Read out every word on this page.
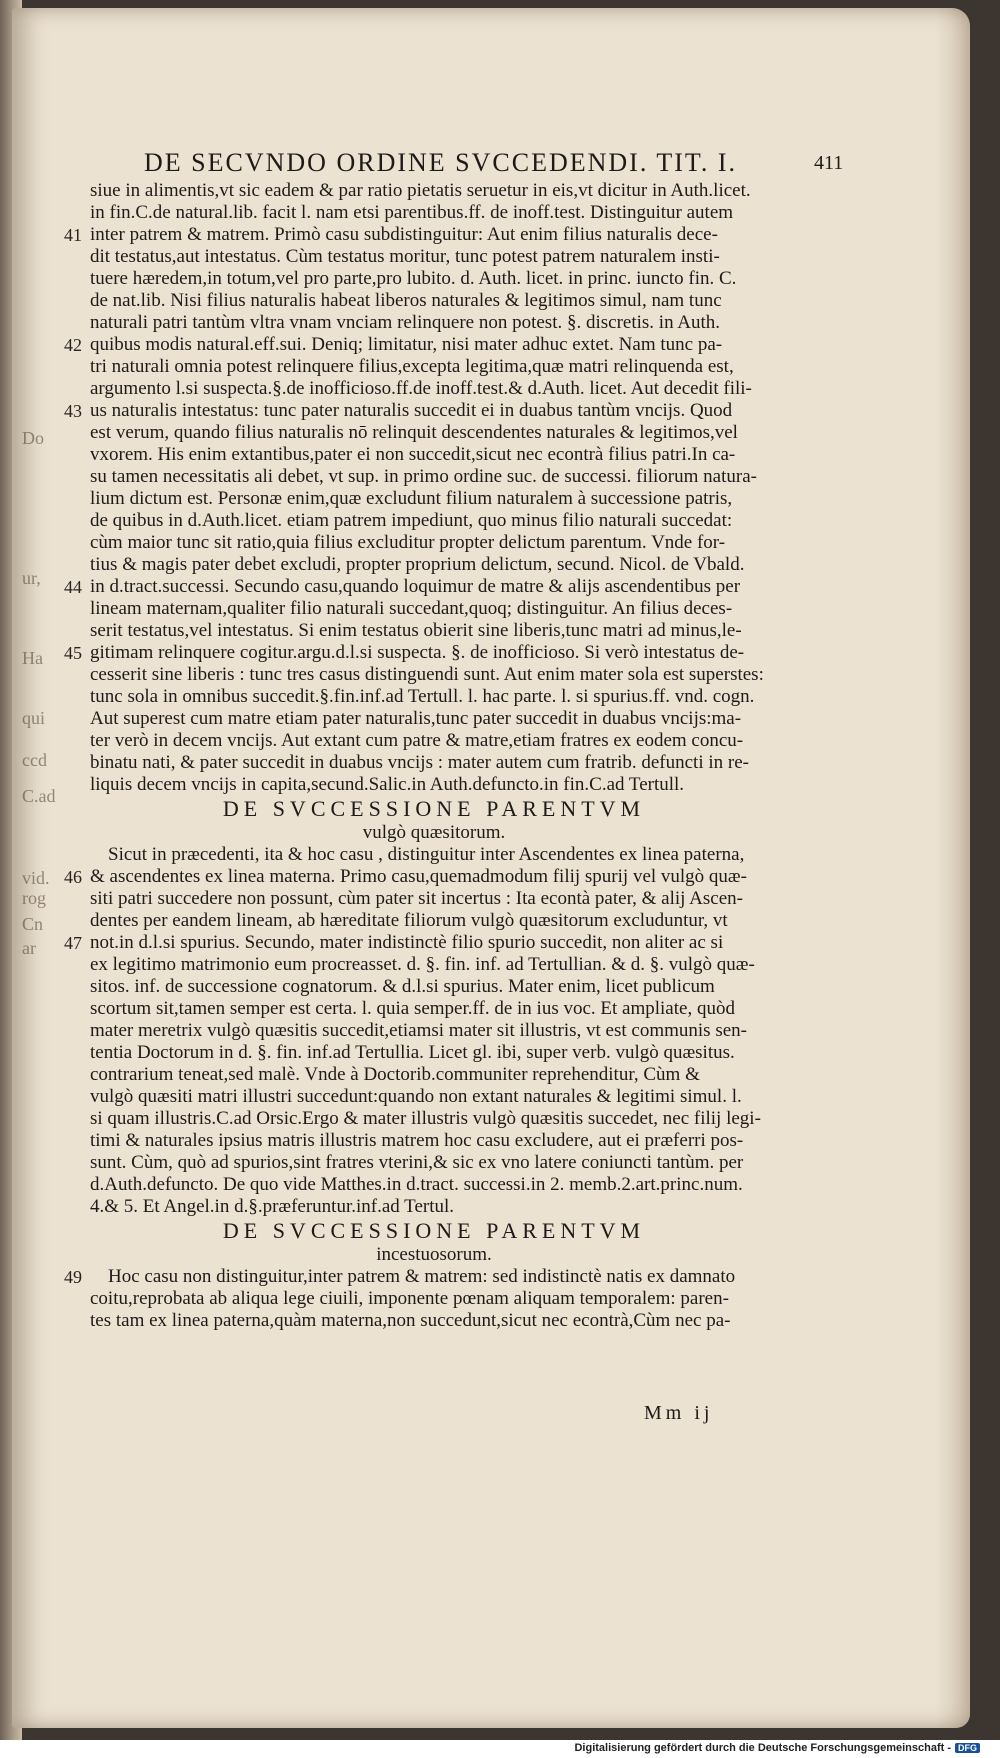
Do
ur,
Ha
qui
ccd
C.ad
vid.
rog
Cn
ar
DE SECVNDO ORDINE SVCCEDENDI. TIT. I.	411
siue in alimentis,vt sic eadem & par ratio pietatis seruetur in eis,vt dicitur in Auth.licet.
in fin.C.de natural.lib. facit l. nam etsi parentibus.ff. de inoff.test. Distinguitur autem
41 inter patrem & matrem. Primò casu subdistinguitur: Aut enim filius naturalis dece-
dit testatus,aut intestatus. Cùm testatus moritur, tunc potest patrem naturalem insti-
tuere hæredem,in totum,vel pro parte,pro lubito. d. Auth. licet. in princ. iuncto fin. C.
de nat.lib. Nisi filius naturalis habeat liberos naturales & legitimos simul, nam tunc
naturali patri tantùm vltra vnam vnciam relinquere non potest. §. discretis. in Auth.
42 quibus modis natural.eff.sui. Deniq; limitatur, nisi mater adhuc extet. Nam tunc pa-
tri naturali omnia potest relinquere filius,excepta legitima,quæ matri relinquenda est,
argumento l.si suspecta.§.de inofficioso.ff.de inoff.test.& d.Auth. licet. Aut decedit fili-
43 us naturalis intestatus: tunc pater naturalis succedit ei in duabus tantùm vncijs. Quod
est verum, quando filius naturalis nō relinquit descendentes naturales & legitimos,vel
vxorem. His enim extantibus,pater ei non succedit,sicut nec econtrà filius patri.In ca-
su tamen necessitatis ali debet, vt sup. in primo ordine suc. de successi. filiorum natura-
lium dictum est. Personæ enim,quæ excludunt filium naturalem à successione patris,
de quibus in d.Auth.licet. etiam patrem impediunt, quo minus filio naturali succedat:
cùm maior tunc sit ratio,quia filius excluditur propter delictum parentum. Vnde for-
tius & magis pater debet excludi, propter proprium delictum, secund. Nicol. de Vbald.
44 in d.tract.successi. Secundo casu,quando loquimur de matre & alijs ascendentibus per
lineam maternam,qualiter filio naturali succedant,quoq; distinguitur. An filius deces-
serit testatus,vel intestatus. Si enim testatus obierit sine liberis,tunc matri ad minus,le-
45 gitimam relinquere cogitur.argu.d.l.si suspecta. §. de inofficioso. Si verò intestatus de-
cesserit sine liberis : tunc tres casus distinguendi sunt. Aut enim mater sola est superstes:
tunc sola in omnibus succedit.§.fin.inf.ad Tertull. l. hac parte. l. si spurius.ff. vnd. cogn.
Aut superest cum matre etiam pater naturalis,tunc pater succedit in duabus vncijs:ma-
ter verò in decem vncijs. Aut extant cum patre & matre,etiam fratres ex eodem concu-
binatu nati, & pater succedit in duabus vncijs : mater autem cum fratrib. defuncti in re-
liquis decem vncijs in capita,secund.Salic.in Auth.defuncto.in fin.C.ad Tertull.
DE SVCCESSIONE PARENTVM
vulgò quæsitorum.
Sicut in præcedenti, ita & hoc casu , distinguitur inter Ascendentes ex linea paterna,
46 & ascendentes ex linea materna. Primo casu,quemadmodum filij spurij vel vulgò quæ-
siti patri succedere non possunt, cùm pater sit incertus : Ita econtà pater, & alij Ascen-
dentes per eandem lineam, ab hæreditate filiorum vulgò quæsitorum excluduntur, vt
47 not.in d.l.si spurius. Secundo, mater indistinctè filio spurio succedit, non aliter ac si
ex legitimo matrimonio eum procreasset. d. §. fin. inf. ad Tertullian. & d. §. vulgò quæ-
sitos. inf. de successione cognatorum. & d.l.si spurius. Mater enim, licet publicum
scortum sit,tamen semper est certa. l. quia semper.ff. de in ius voc. Et ampliate, quòd
mater meretrix vulgò quæsitis succedit,etiamsi mater sit illustris, vt est communis sen-
tentia Doctorum in d. §. fin. inf.ad Tertullia. Licet gl. ibi, super verb. vulgò quæsitus.
contrarium teneat,sed malè. Vnde à Doctorib.communiter reprehenditur, Cùm &
vulgò quæsiti matri illustri succedunt:quando non extant naturales & legitimi simul. l.
si quam illustris.C.ad Orsic.Ergo & mater illustris vulgò quæsitis succedet, nec filij legi-
timi & naturales ipsius matris illustris matrem hoc casu excludere, aut ei præferri pos-
sunt. Cùm, quò ad spurios,sint fratres vterini,& sic ex vno latere coniuncti tantùm. per
d.Auth.defuncto. De quo vide Matthes.in d.tract. successi.in 2. memb.2.art.princ.num.
4.& 5. Et Angel.in d.§.præferuntur.inf.ad Tertul.
DE SVCCESSIONE PARENTVM
incestuosorum.
49 Hoc casu non distinguitur,inter patrem & matrem: sed indistinctè natis ex damnato
coitu,reprobata ab aliqua lege ciuili, imponente pœnam aliquam temporalem: paren-
tes tam ex linea paterna,quàm materna,non succedunt,sicut nec econtrà,Cùm nec pa-
Mm ij
Digitalisierung gefördert durch die Deutsche Forschungsgemeinschaft - DFG
